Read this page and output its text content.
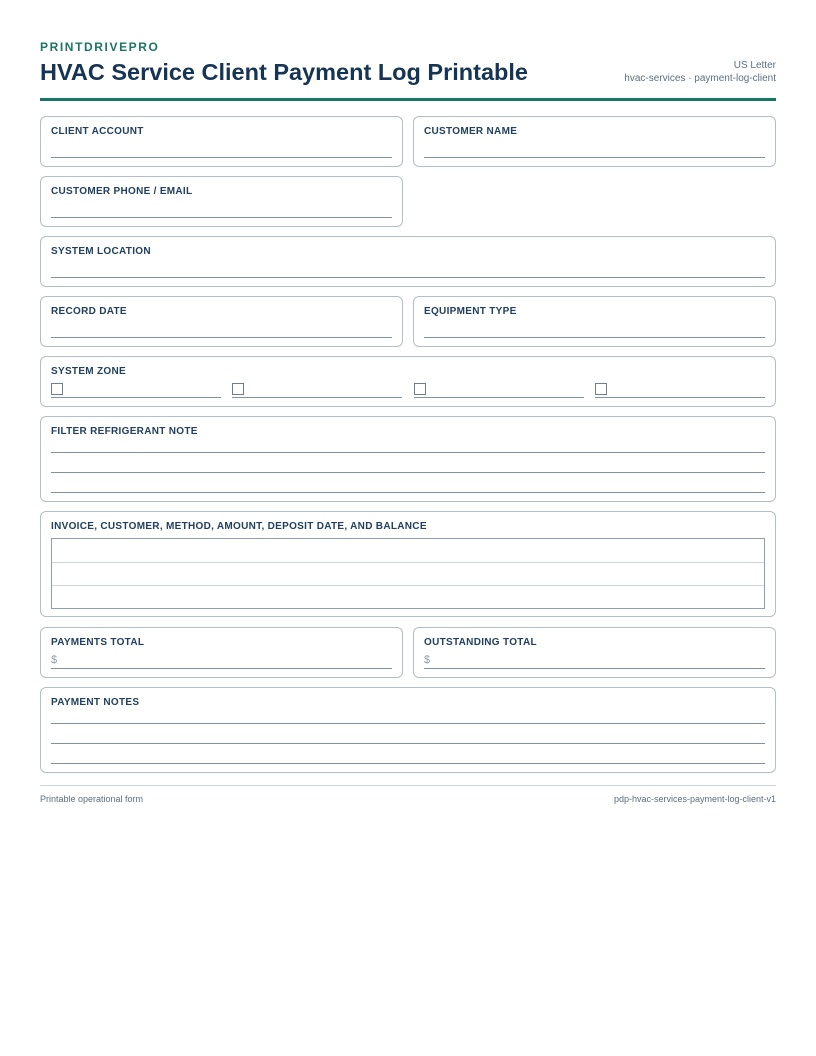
PRINTDRIVEPRO
HVAC Service Client Payment Log Printable	US Letter
hvac-services · payment-log-client
CLIENT ACCOUNT	CUSTOMER NAME
CUSTOMER PHONE / EMAIL
SYSTEM LOCATION
RECORD DATE	EQUIPMENT TYPE
SYSTEM ZONE
FILTER REFRIGERANT NOTE
INVOICE, CUSTOMER, METHOD, AMOUNT, DEPOSIT DATE, AND BALANCE
PAYMENTS TOTAL
$
OUTSTANDING TOTAL
$
PAYMENT NOTES
Printable operational form	pdp-hvac-services-payment-log-client-v1
